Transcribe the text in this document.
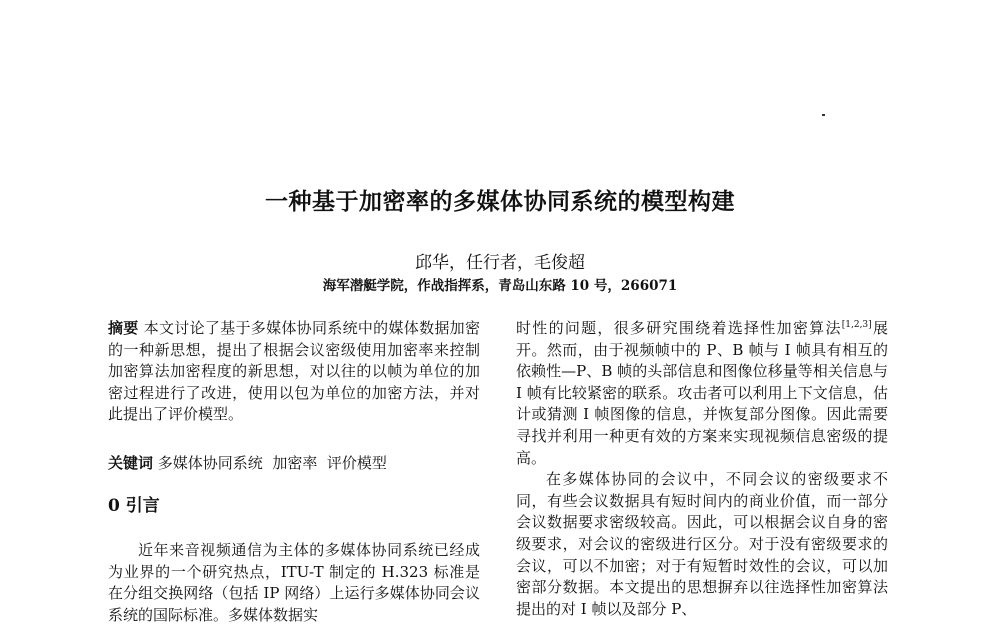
一种基于加密率的多媒体协同系统的模型构建
邱华，任行者，毛俊超
海军潜艇学院，作战指挥系，青岛山东路 10 号，266071

摘要 本文讨论了基于多媒体协同系统中的媒体数据加密的一种新思想，提出了根据会议密级使用加密率来控制加密算法加密程度的新思想，对以往的以帧为单位的加密过程进行了改进，使用以包为单位的加密方法，并对此提出了评价模型。

关键词 多媒体协同系统  加密率  评价模型

0 引言

近年来音视频通信为主体的多媒体协同系统已经成为业界的一个研究热点，ITU-T 制定的 H.323 标准是在分组交换网络（包括 IP 网络）上运行多媒体协同会议系统的国际标准。多媒体数据实

时性的问题，很多研究围绕着选择性加密算法[1,2,3]展开。然而，由于视频帧中的 P、B 帧与 I 帧具有相互的依赖性—P、B 帧的头部信息和图像位移量等相关信息与 I 帧有比较紧密的联系。攻击者可以利用上下文信息，估计或猜测 I 帧图像的信息，并恢复部分图像。因此需要寻找并利用一种更有效的方案来实现视频信息密级的提高。

在多媒体协同的会议中，不同会议的密级要求不同，有些会议数据具有短时间内的商业价值，而一部分会议数据要求密级较高。因此，可以根据会议自身的密级要求，对会议的密级进行区分。对于没有密级要求的会议，可以不加密；对于有短暂时效性的会议，可以加密部分数据。本文提出的思想摒弃以往选择性加密算法提出的对 I 帧以及部分 P、
